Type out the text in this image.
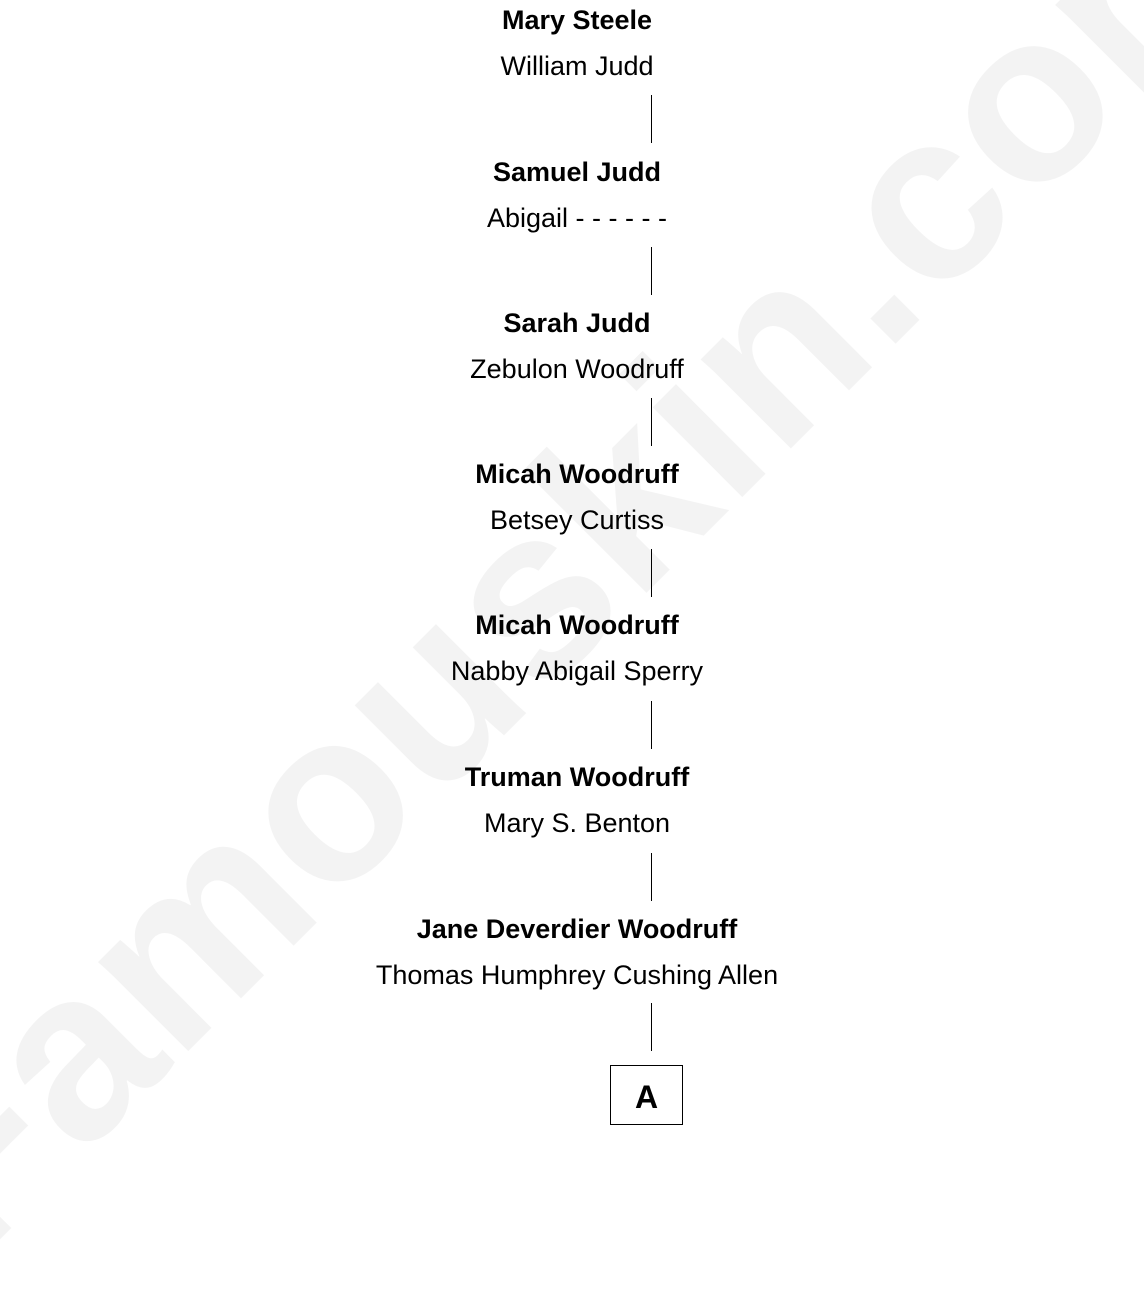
Mary Steele
William Judd
Samuel Judd
Abigail - - - - - -
Sarah Judd
Zebulon Woodruff
Micah Woodruff
Betsey Curtiss
Micah Woodruff
Nabby Abigail Sperry
Truman Woodruff
Mary S. Benton
Jane Deverdier Woodruff
Thomas Humphrey Cushing Allen
A
